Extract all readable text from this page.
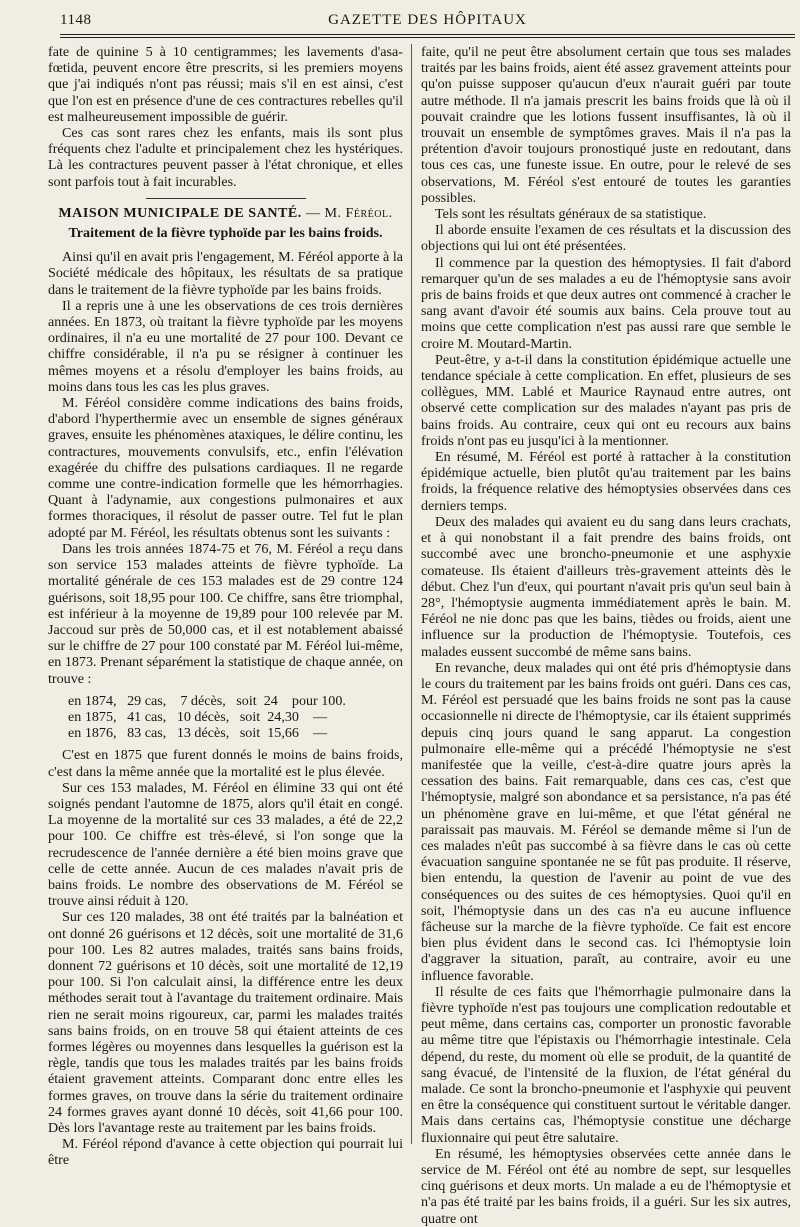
1148	GAZETTE DES HÔPITAUX

fate de quinine 5 à 10 centigrammes; les lavements d'asa-fœtida, peuvent encore être prescrits, si les premiers moyens que j'ai indiqués n'ont pas réussi; mais s'il en est ainsi, c'est que l'on est en présence d'une de ces contractures rebelles qu'il est malheureusement impossible de guérir.

Ces cas sont rares chez les enfants, mais ils sont plus fréquents chez l'adulte et principalement chez les hystériques. Là les contractures peuvent passer à l'état chronique, et elles sont parfois tout à fait incurables.

MAISON MUNICIPALE DE SANTÉ. — M. Féréol.

Traitement de la fièvre typhoïde par les bains froids.

Ainsi qu'il en avait pris l'engagement, M. Féréol apporte à la Société médicale des hôpitaux, les résultats de sa pratique dans le traitement de la fièvre typhoïde par les bains froids.

Il a repris une à une les observations de ces trois dernières années. En 1873, où traitant la fièvre typhoïde par les moyens ordinaires, il n'a eu une mortalité de 27 pour 100. Devant ce chiffre considérable, il n'a pu se résigner à continuer les mêmes moyens et a résolu d'employer les bains froids, au moins dans tous les cas les plus graves.

M. Féréol considère comme indications des bains froids, d'abord l'hyperthermie avec un ensemble de signes généraux graves, ensuite les phénomènes ataxiques, le délire continu, les contractures, mouvements convulsifs, etc., enfin l'élévation exagérée du chiffre des pulsations cardiaques. Il ne regarde comme une contre-indication formelle que les hémorrhagies. Quant à l'adynamie, aux congestions pulmonaires et aux formes thoraciques, il résolut de passer outre. Tel fut le plan adopté par M. Féréol, les résultats obtenus sont les suivants :

Dans les trois années 1874-75 et 76, M. Féréol a reçu dans son service 153 malades atteints de fièvre typhoïde. La mortalité générale de ces 153 malades est de 29 contre 124 guérisons, soit 18,95 pour 100. Ce chiffre, sans être triomphal, est inférieur à la moyenne de 19,89 pour 100 relevée par M. Jaccoud sur près de 50,000 cas, et il est notablement abaissé sur le chiffre de 27 pour 100 constaté par M. Féréol lui-même, en 1873. Prenant séparément la statistique de chaque année, on trouve :

en 1874,   29 cas,    7 décès,   soit  24    pour 100.

en 1875,   41 cas,   10 décès,   soit  24,30    —

en 1876,   83 cas,   13 décès,   soit  15,66    —

C'est en 1875 que furent donnés le moins de bains froids, c'est dans la même année que la mortalité est le plus élevée.

Sur ces 153 malades, M. Féréol en élimine 33 qui ont été soignés pendant l'automne de 1875, alors qu'il était en congé. La moyenne de la mortalité sur ces 33 malades, a été de 22,2 pour 100. Ce chiffre est très-élevé, si l'on songe que la recrudescence de l'année dernière a été bien moins grave que celle de cette année. Aucun de ces malades n'avait pris de bains froids. Le nombre des observations de M. Féréol se trouve ainsi réduit à 120.

Sur ces 120 malades, 38 ont été traités par la balnéation et ont donné 26 guérisons et 12 décès, soit une mortalité de 31,6 pour 100. Les 82 autres malades, traités sans bains froids, donnent 72 guérisons et 10 décès, soit une mortalité de 12,19 pour 100. Si l'on calculait ainsi, la différence entre les deux méthodes serait tout à l'avantage du traitement ordinaire. Mais rien ne serait moins rigoureux, car, parmi les malades traités sans bains froids, on en trouve 58 qui étaient atteints de ces formes légères ou moyennes dans lesquelles la guérison est la règle, tandis que tous les malades traités par les bains froids étaient gravement atteints. Comparant donc entre elles les formes graves, on trouve dans la série du traitement ordinaire 24 formes graves ayant donné 10 décès, soit 41,66 pour 100. Dès lors l'avantage reste au traitement par les bains froids.

M. Féréol répond d'avance à cette objection qui pourrait lui être

faite, qu'il ne peut être absolument certain que tous ses malades traités par les bains froids, aient été assez gravement atteints pour qu'on puisse supposer qu'aucun d'eux n'aurait guéri par toute autre méthode. Il n'a jamais prescrit les bains froids que là où il pouvait craindre que les lotions fussent insuffisantes, là où il trouvait un ensemble de symptômes graves. Mais il n'a pas la prétention d'avoir toujours pronostiqué juste en redoutant, dans tous ces cas, une funeste issue. En outre, pour le relevé de ses observations, M. Féréol s'est entouré de toutes les garanties possibles.

Tels sont les résultats généraux de sa statistique.

Il aborde ensuite l'examen de ces résultats et la discussion des objections qui lui ont été présentées.

Il commence par la question des hémoptysies. Il fait d'abord remarquer qu'un de ses malades a eu de l'hémoptysie sans avoir pris de bains froids et que deux autres ont commencé à cracher le sang avant d'avoir été soumis aux bains. Cela prouve tout au moins que cette complication n'est pas aussi rare que semble le croire M. Moutard-Martin.

Peut-être, y a-t-il dans la constitution épidémique actuelle une tendance spéciale à cette complication. En effet, plusieurs de ses collègues, MM. Lablé et Maurice Raynaud entre autres, ont observé cette complication sur des malades n'ayant pas pris de bains froids. Au contraire, ceux qui ont eu recours aux bains froids n'ont pas eu jusqu'ici à la mentionner.

En résumé, M. Féréol est porté à rattacher à la constitution épidémique actuelle, bien plutôt qu'au traitement par les bains froids, la fréquence relative des hémoptysies observées dans ces derniers temps.

Deux des malades qui avaient eu du sang dans leurs crachats, et à qui nonobstant il a fait prendre des bains froids, ont succombé avec une broncho-pneumonie et une asphyxie comateuse. Ils étaient d'ailleurs très-gravement atteints dès le début. Chez l'un d'eux, qui pourtant n'avait pris qu'un seul bain à 28°, l'hémoptysie augmenta immédiatement après le bain. M. Féréol ne nie donc pas que les bains, tièdes ou froids, aient une influence sur la production de l'hémoptysie. Toutefois, ces malades eussent succombé de même sans bains.

En revanche, deux malades qui ont été pris d'hémoptysie dans le cours du traitement par les bains froids ont guéri. Dans ces cas, M. Féréol est persuadé que les bains froids ne sont pas la cause occasionnelle ni directe de l'hémoptysie, car ils étaient supprimés depuis cinq jours quand le sang apparut. La congestion pulmonaire elle-même qui a précédé l'hémoptysie ne s'est manifestée que la veille, c'est-à-dire quatre jours après la cessation des bains. Fait remarquable, dans ces cas, c'est que l'hémoptysie, malgré son abondance et sa persistance, n'a pas été un phénomène grave en lui-même, et que l'état général ne paraissait pas mauvais. M. Féréol se demande même si l'un de ces malades n'eût pas succombé à sa fièvre dans le cas où cette évacuation sanguine spontanée ne se fût pas produite. Il réserve, bien entendu, la question de l'avenir au point de vue des conséquences ou des suites de ces hémoptysies. Quoi qu'il en soit, l'hémoptysie dans un des cas n'a eu aucune influence fâcheuse sur la marche de la fièvre typhoïde. Ce fait est encore bien plus évident dans le second cas. Ici l'hémoptysie loin d'aggraver la situation, paraît, au contraire, avoir eu une influence favorable.

Il résulte de ces faits que l'hémorrhagie pulmonaire dans la fièvre typhoïde n'est pas toujours une complication redoutable et peut même, dans certains cas, comporter un pronostic favorable au même titre que l'épistaxis ou l'hémorrhagie intestinale. Cela dépend, du reste, du moment où elle se produit, de la quantité de sang évacué, de l'intensité de la fluxion, de l'état général du malade. Ce sont la broncho-pneumonie et l'asphyxie qui peuvent en être la conséquence qui constituent surtout le véritable danger. Mais dans certains cas, l'hémoptysie constitue une décharge fluxionnaire qui peut être salutaire.

En résumé, les hémoptysies observées cette année dans le service de M. Féréol ont été au nombre de sept, sur lesquelles cinq guérisons et deux morts. Un malade a eu de l'hémoptysie et n'a pas été traité par les bains froids, il a guéri. Sur les six autres, quatre ont
